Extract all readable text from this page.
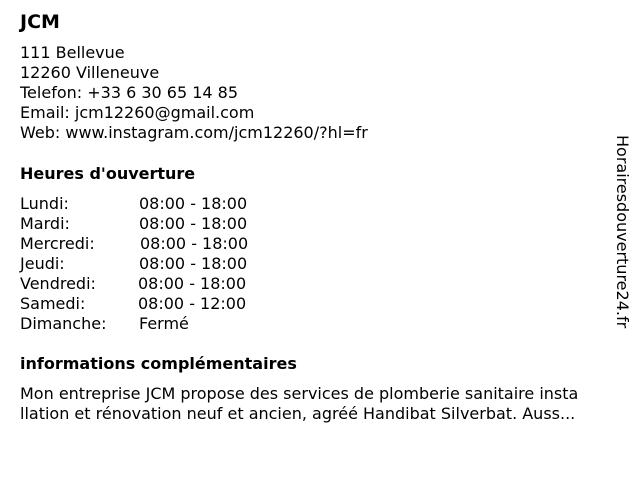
JCM
111 Bellevue
12260 Villeneuve
Telefon: +33 6 30 65 14 85
Email: jcm12260@gmail.com
Web: www.instagram.com/jcm12260/?hl=fr
Heures d'ouverture
Lundi:	08:00 - 18:00
Mardi:	08:00 - 18:00
Mercredi:	08:00 - 18:00
Jeudi:	08:00 - 18:00
Vendredi:	08:00 - 18:00
Samedi:	08:00 - 12:00
Dimanche: Fermé
informations complémentaires
Mon entreprise JCM propose des services de plomberie sanitaire insta
llation et rénovation neuf et ancien, agréé Handibat Silverbat. Auss...
Horairesdouverture24.fr
